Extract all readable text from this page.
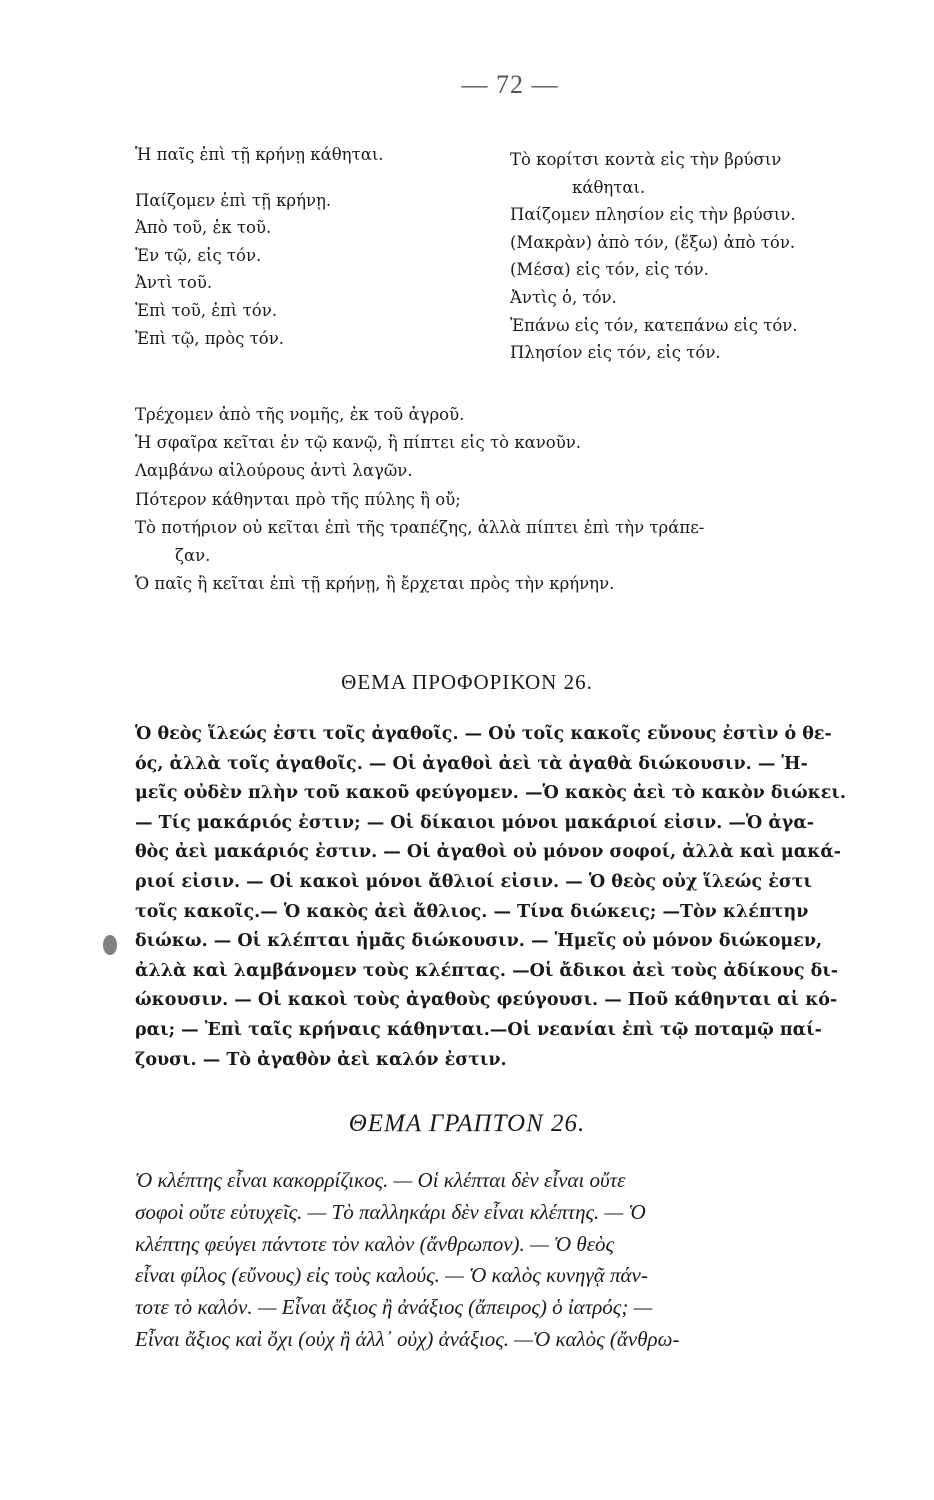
— 72 —
Ἡ παῖς ἐπὶ τῇ κρήνῃ κάθηται.
Παίζομεν ἐπὶ τῇ κρήνῃ.
Ἀπὸ τοῦ, ἐκ τοῦ.
Ἐν τῷ, εἰς τόν.
Ἀντὶ τοῦ.
Ἐπὶ τοῦ, ἐπὶ τόν.
Ἐπὶ τῷ, πρὸς τόν.
Τὸ κορίτσι κοντὰ εἰς τὴν βρύσιν
κάθηται.
Παίζομεν πλησίον εἰς τὴν βρύσιν.
(Μακρὰν) ἀπὸ τόν, (ἔξω) ἀπὸ τόν.
(Μέσα) εἰς τόν, εἰς τόν.
Ἀντὶς ὁ, τόν.
Ἐπάνω εἰς τόν, κατεπάνω εἰς τόν.
Πλησίον εἰς τόν, εἰς τόν.
Τρέχομεν ἀπὸ τῆς νομῆς, ἐκ τοῦ ἀγροῦ.
Ἡ σφαῖρα κεῖται ἐν τῷ κανῷ, ἢ πίπτει εἰς τὸ κανοῦν.
Λαμβάνω αἰλούρους ἀντὶ λαγῶν.
Πότερον κάθηνται πρὸ τῆς πύλης ἢ οὔ;
Τὸ ποτήριον οὐ κεῖται ἐπὶ τῆς τραπέζης, ἀλλὰ πίπτει ἐπὶ τὴν τράπε-
ζαν.
Ὁ παῖς ἢ κεῖται ἐπὶ τῇ κρήνῃ, ἢ ἔρχεται πρὸς τὴν κρήνην.
ΘΕΜΑ ΠΡΟΦΟΡΙΚΟΝ 26.
Ὁ θεὸς ἵλεώς ἐστι τοῖς ἀγαθοῖς. — Οὐ τοῖς κακοῖς εὔνους ἐστὶν ὁ θε-
ός, ἀλλὰ τοῖς ἀγαθοῖς. — Οἱ ἀγαθοὶ ἀεὶ τὰ ἀγαθὰ διώκουσιν. — Ἡ-
μεῖς οὐδὲν πλὴν τοῦ κακοῦ φεύγομεν. —Ὁ κακὸς ἀεὶ τὸ κακὸν διώκει.
— Τίς μακάριός ἐστιν; — Οἱ δίκαιοι μόνοι μακάριοί εἰσιν. —Ὁ ἀγα-
θὸς ἀεὶ μακάριός ἐστιν. — Οἱ ἀγαθοὶ οὐ μόνον σοφοί, ἀλλὰ καὶ μακά-
ριοί εἰσιν. — Οἱ κακοὶ μόνοι ἄθλιοί εἰσιν. — Ὁ θεὸς οὐχ ἵλεώς ἐστι
τοῖς κακοῖς.— Ὁ κακὸς ἀεὶ ἄθλιος. — Τίνα διώκεις; —Τὸν κλέπτην
διώκω. — Οἱ κλέπται ἡμᾶς διώκουσιν. — Ἡμεῖς οὐ μόνον διώκομεν,
ἀλλὰ καὶ λαμβάνομεν τοὺς κλέπτας. —Οἱ ἄδικοι ἀεὶ τοὺς ἀδίκους δι-
ώκουσιν. — Οἱ κακοὶ τοὺς ἀγαθοὺς φεύγουσι. — Ποῦ κάθηνται αἱ κό-
ραι; — Ἐπὶ ταῖς κρήναις κάθηνται.—Οἱ νεανίαι ἐπὶ τῷ ποταμῷ παί-
ζουσι. — Τὸ ἀγαθὸν ἀεὶ καλόν ἐστιν.
ΘΕΜΑ ΓΡΑΠΤΟΝ 26.
Ὁ κλέπτης εἶναι κακορρίζικος. — Οἱ κλέπται δὲν εἶναι οὔτε
σοφοὶ οὔτε εὐτυχεῖς. — Τὸ παλληκάρι δὲν εἶναι κλέπτης. — Ὁ
κλέπτης φεύγει πάντοτε τὸν καλὸν (ἄνθρωπον). — Ὁ θεὸς
εἶναι φίλος (εὔνους) εἰς τοὺς καλούς. — Ὁ καλὸς κυνηγᾷ πάν-
τοτε τὸ καλόν. — Εἶναι ἄξιος ἢ ἀνάξιος (ἄπειρος) ὁ ἰατρός; —
Εἶναι ἄξιος καὶ ὄχι (οὐχ ἢ ἀλλ᾽ οὐχ) ἀνάξιος. —Ὁ καλὸς (ἄνθρω-
